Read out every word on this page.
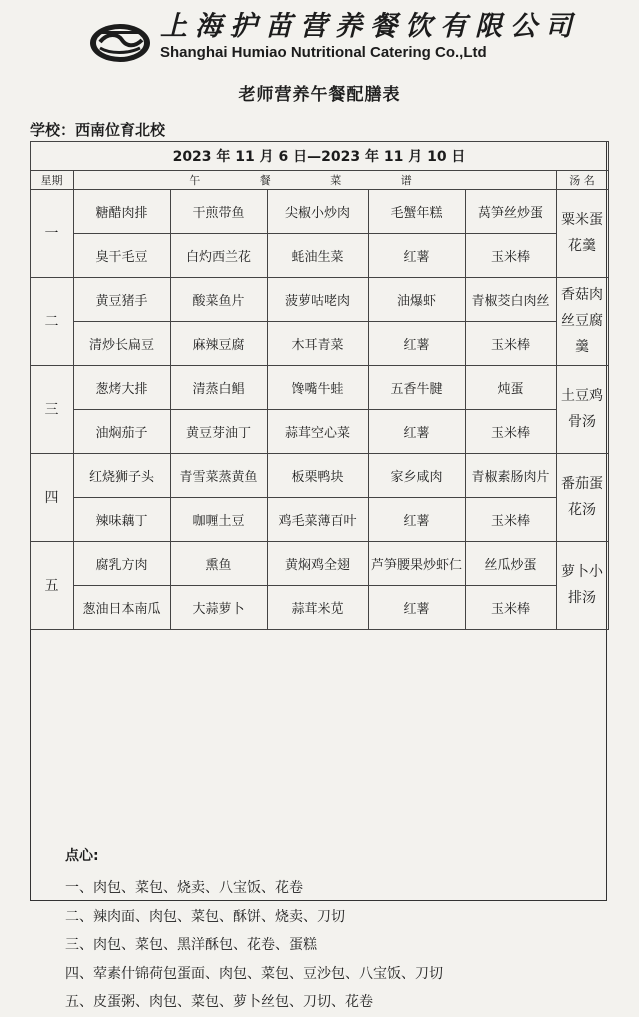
上海护苗营养餐饮有限公司
Shanghai Humiao Nutritional Catering Co.,Ltd
老师营养午餐配膳表
学校：西南位育北校
2023 年 11 月 6 日—2023 年 11 月 10 日						
星期	午 餐 菜 谱					汤 名
一	糖醋肉排	干煎带鱼	尖椒小炒肉	毛蟹年糕	莴笋丝炒蛋	粟米蛋花羹
	臭干毛豆	白灼西兰花	蚝油生菜	红薯	玉米棒	
二	黄豆猪手	酸菜鱼片	菠萝咕咾肉	油爆虾	青椒茭白肉丝	香菇肉丝豆腐羹
	清炒长扁豆	麻辣豆腐	木耳青菜	红薯	玉米棒	
三	葱烤大排	清蒸白鲳	馋嘴牛蛙	五香牛腱	炖蛋	土豆鸡骨汤
	油焖茄子	黄豆芽油丁	蒜茸空心菜	红薯	玉米棒	
四	红烧狮子头	青雪菜蒸黄鱼	板栗鸭块	家乡咸肉	青椒素肠肉片	番茄蛋花汤
	辣味藕丁	咖喱土豆	鸡毛菜薄百叶	红薯	玉米棒	
五	腐乳方肉	熏鱼	黄焖鸡全翅	芦笋腰果炒虾仁	丝瓜炒蛋	萝卜小排汤
	葱油日本南瓜	大蒜萝卜	蒜茸米苋	红薯	玉米棒	
点心:
一、肉包、菜包、烧卖、八宝饭、花卷
二、辣肉面、肉包、菜包、酥饼、烧卖、刀切
三、肉包、菜包、黑洋酥包、花卷、蛋糕
四、荤素什锦荷包蛋面、肉包、菜包、豆沙包、八宝饭、刀切
五、皮蛋粥、肉包、菜包、萝卜丝包、刀切、花卷
